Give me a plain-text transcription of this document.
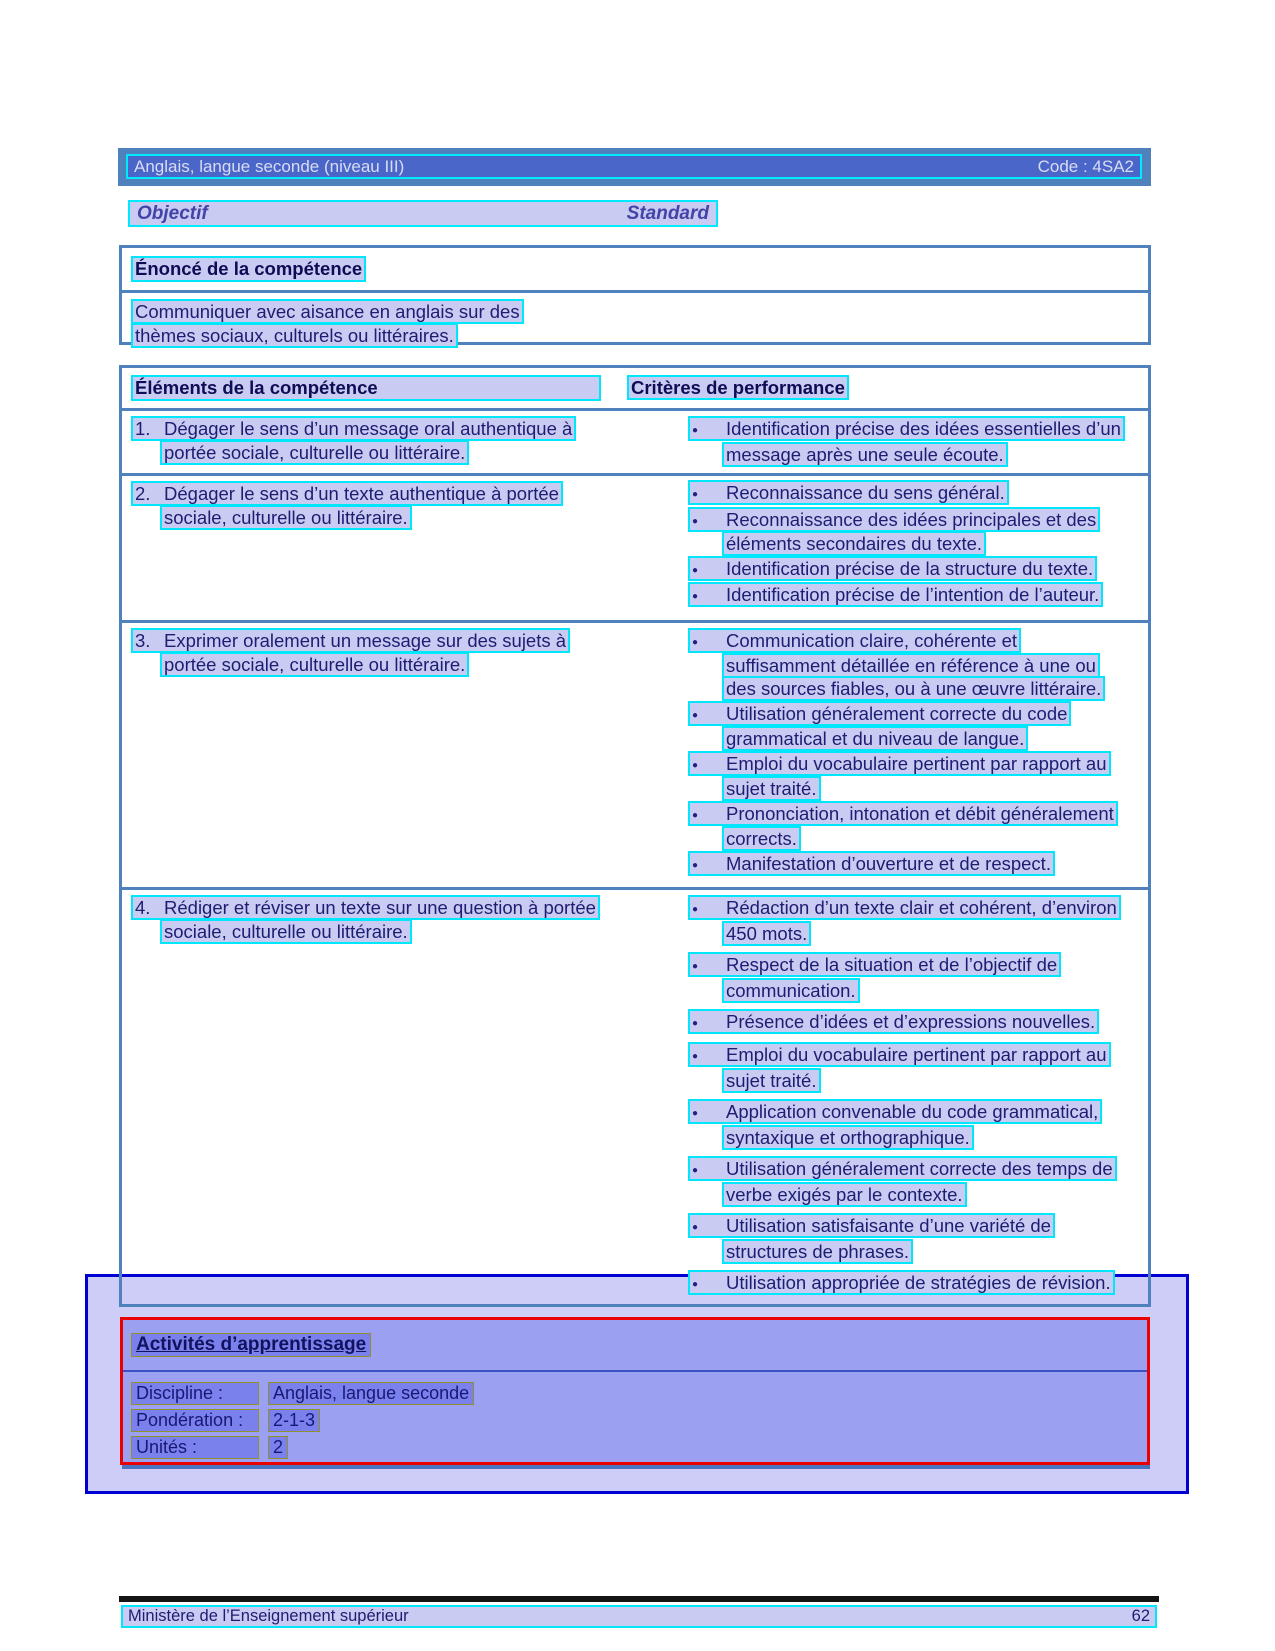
Anglais, langue seconde (niveau III)	Code : 4SA2
Objectif	Standard
Énoncé de la compétence
Communiquer avec aisance en anglais sur des thèmes sociaux, culturels ou littéraires.
Éléments de la compétence	Critères de performance
1. Dégager le sens d’un message oral authentique à portée sociale, culturelle ou littéraire.
● Identification précise des idées essentielles d’un message après une seule écoute.
2. Dégager le sens d’un texte authentique à portée sociale, culturelle ou littéraire.
● Reconnaissance du sens général.
● Reconnaissance des idées principales et des éléments secondaires du texte.
● Identification précise de la structure du texte.
● Identification précise de l’intention de l’auteur.
3. Exprimer oralement un message sur des sujets à portée sociale, culturelle ou littéraire.
● Communication claire, cohérente et suffisamment détaillée en référence à une ou des sources fiables, ou à une œuvre littéraire.
● Utilisation généralement correcte du code grammatical et du niveau de langue.
● Emploi du vocabulaire pertinent par rapport au sujet traité.
● Prononciation, intonation et débit généralement corrects.
● Manifestation d’ouverture et de respect.
4. Rédiger et réviser un texte sur une question à portée sociale, culturelle ou littéraire.
● Rédaction d’un texte clair et cohérent, d’environ 450 mots.
● Respect de la situation et de l’objectif de communication.
● Présence d’idées et d’expressions nouvelles.
● Emploi du vocabulaire pertinent par rapport au sujet traité.
● Application convenable du code grammatical, syntaxique et orthographique.
● Utilisation généralement correcte des temps de verbe exigés par le contexte.
● Utilisation satisfaisante d’une variété de structures de phrases.
● Utilisation appropriée de stratégies de révision.
Activités d’apprentissage
Discipline :	Anglais, langue seconde
Pondération :	2-1-3
Unités :	2
Ministère de l’Enseignement supérieur	62
